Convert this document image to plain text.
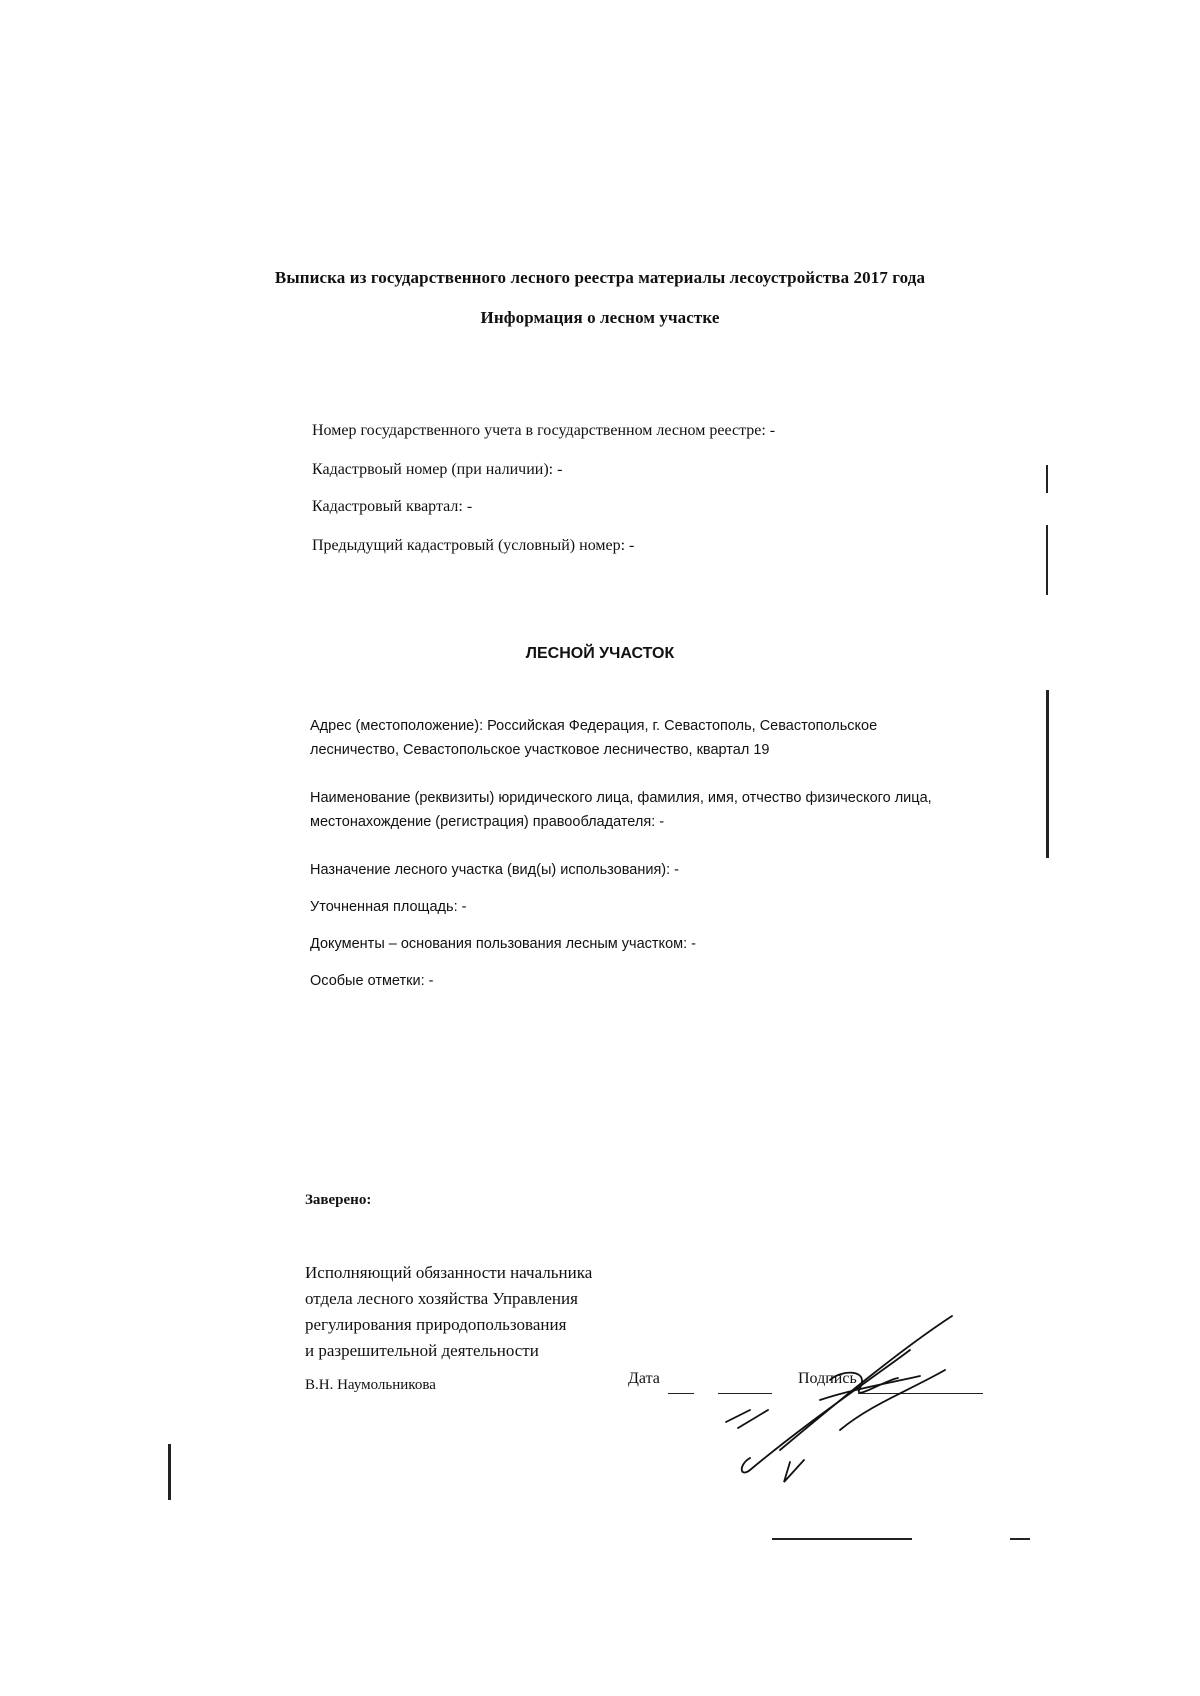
Выписка из государственного лесного реестра материалы лесоустройства 2017 года
Информация о лесном участке
Номер государственного учета в государственном лесном реестре: -
Кадастрвоый номер (при наличии): -
Кадастровый квартал: -
Предыдущий кадастровый (условный) номер: -
ЛЕСНОЙ УЧАСТОК
Адрес (местоположение): Российская Федерация, г. Севастополь, Севастопольское лесничество, Севастопольское участковое лесничество, квартал 19
Наименование (реквизиты) юридического лица, фамилия, имя, отчество физического лица, местонахождение (регистрация) правообладателя: -
Назначение лесного участка (вид(ы) использования): -
Уточненная площадь: -
Документы – основания пользования лесным участком: -
Особые отметки: -
Заверено:
Исполняющий обязанности начальника
отдела лесного хозяйства Управления
регулирования природопользования
и разрешительной деятельности
В.Н. Наумольникова	Дата	Подпись
